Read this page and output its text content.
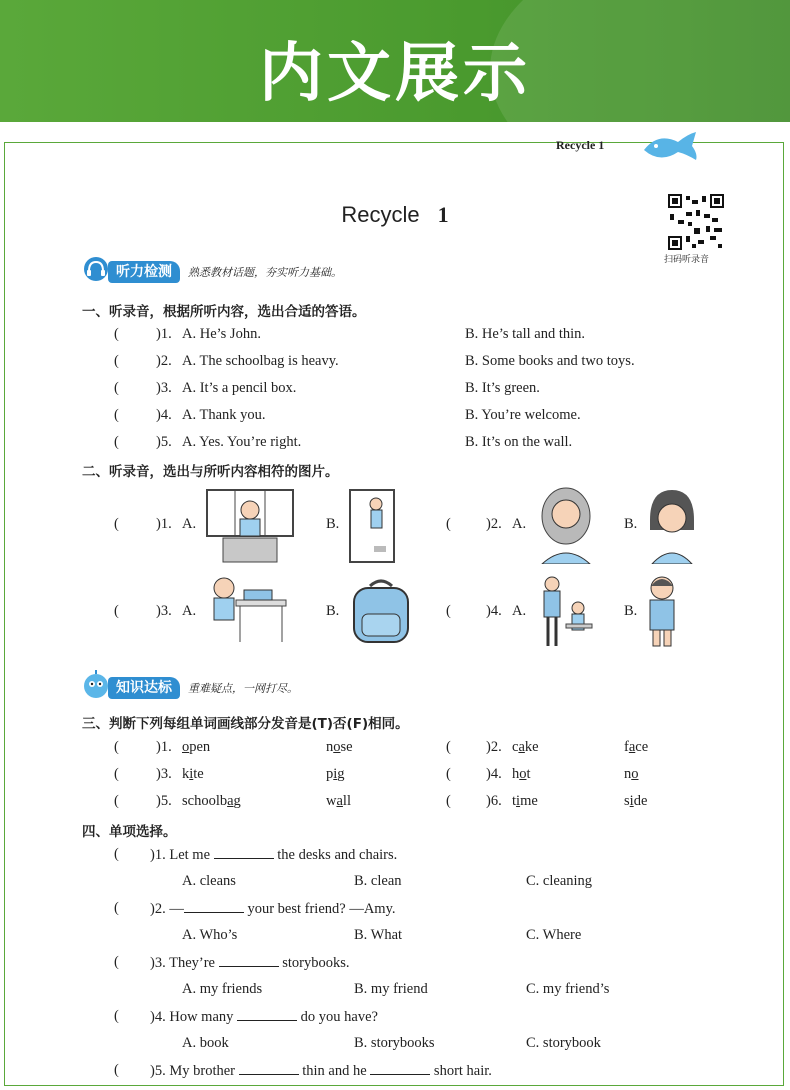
内文展示
Recycle 1
Recycle 1
扫码听录音
听力检测	熟悉教材话题，夯实听力基础。
一、听录音，根据所听内容，选出合适的答语。
(	)1. A. He’s John.	B. He’s tall and thin.
(	)2. A. The schoolbag is heavy.	B. Some books and two toys.
(	)3. A. It’s a pencil box.	B. It’s green.
(	)4. A. Thank you.	B. You’re welcome.
(	)5. A. Yes. You’re right.	B. It’s on the wall.
二、听录音，选出与所听内容相符的图片。
(	)1. A.	B.	( )2. A.	B.
(	)3. A.	B.	( )4. A.	B.
知识达标	重难疑点，一网打尽。
三、判断下列每组单词画线部分发音是(T)否(F)相同。
(	)1. open	nose	( )2. cake	face
(	)3. kite	pig	( )4. hot	no
(	)5. schoolbag	wall	( )6. time	side
四、单项选择。
( )1. Let me	the desks and chairs.
A. cleans	B. clean	C. cleaning
( )2. —	your best friend? —Amy.
A. Who’s	B. What	C. Where
( )3. They’re	storybooks.
A. my friends	B. my friend	C. my friend’s
( )4. How many	do you have?
A. book	B. storybooks	C. storybook
( )5. My brother	thin and he	short hair.
